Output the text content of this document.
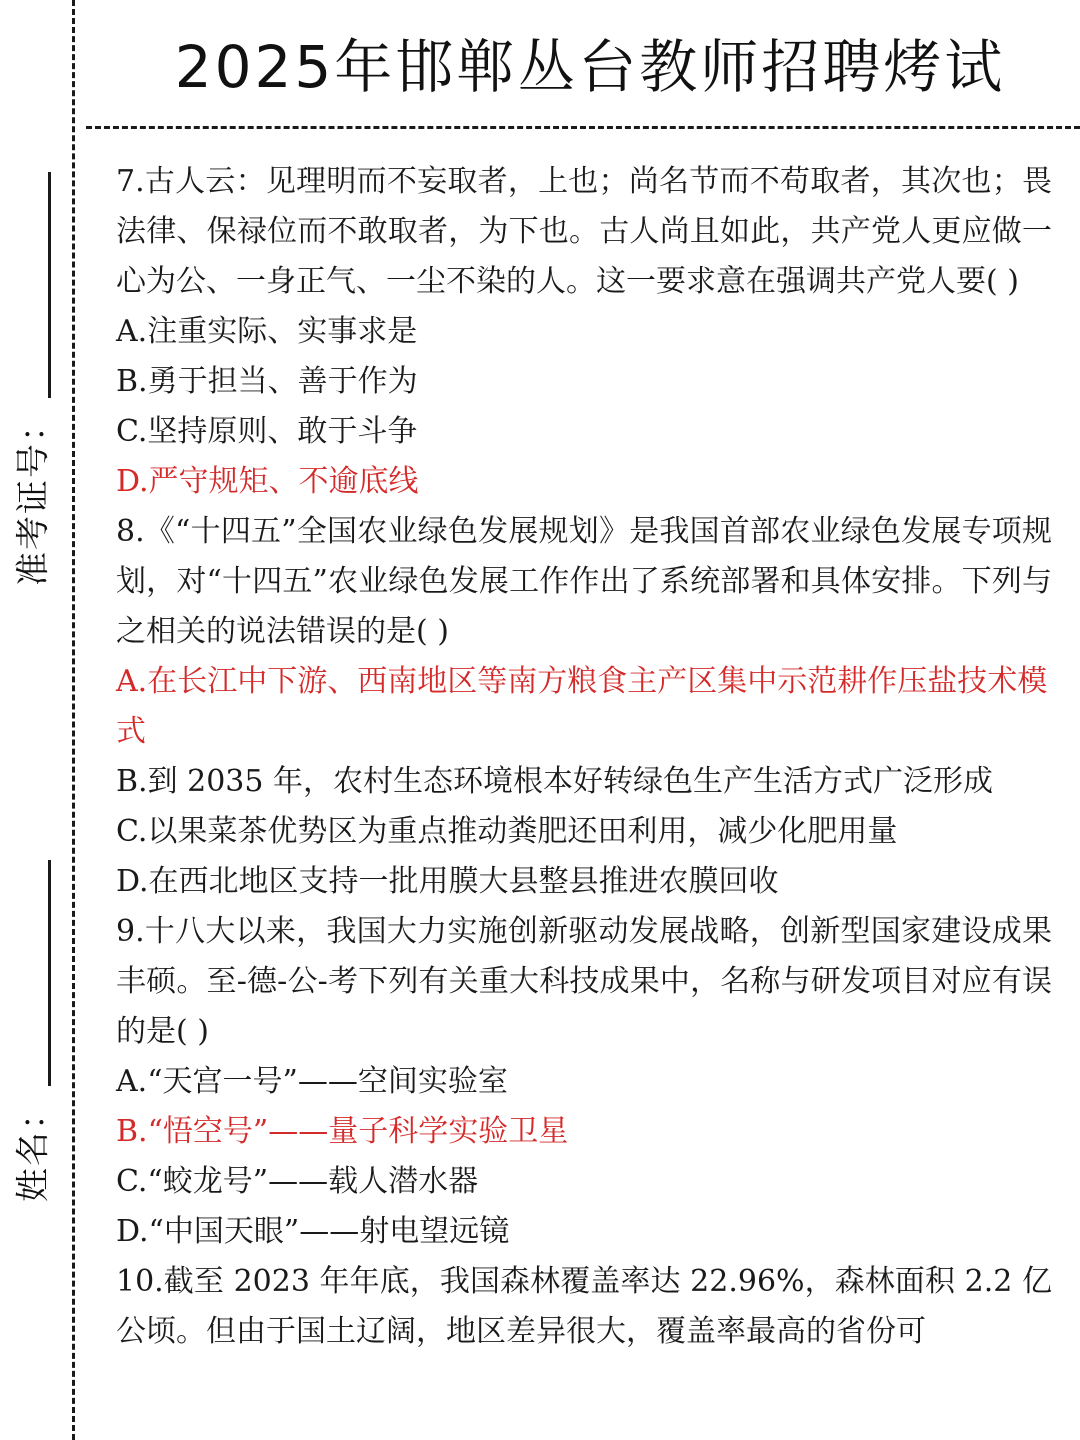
2025年邯郸丛台教师招聘烤试
准考证号：
姓名：

7.古人云：见理明而不妄取者，上也；尚名节而不苟取者，其次也；畏法律、保禄位而不敢取者，为下也。古人尚且如此，共产党人更应做一心为公、一身正气、一尘不染的人。这一要求意在强调共产党人要( )

A.注重实际、实事求是

B.勇于担当、善于作为

C.坚持原则、敢于斗争

D.严守规矩、不逾底线

8.《“十四五”全国农业绿色发展规划》是我国首部农业绿色发展专项规划，对“十四五”农业绿色发展工作作出了系统部署和具体安排。下列与之相关的说法错误的是( )

A.在长江中下游、西南地区等南方粮食主产区集中示范耕作压盐技术模式

B.到 2035 年，农村生态环境根本好转绿色生产生活方式广泛形成

C.以果菜茶优势区为重点推动粪肥还田利用，减少化肥用量

D.在西北地区支持一批用膜大县整县推进农膜回收

9.十八大以来，我国大力实施创新驱动发展战略，创新型国家建设成果丰硕。至-德-公-考下列有关重大科技成果中，名称与研发项目对应有误的是( )

A.“天宫一号”——空间实验室

B.“悟空号”——量子科学实验卫星

C.“蛟龙号”——载人潜水器

D.“中国天眼”——射电望远镜

10.截至 2023 年年底，我国森林覆盖率达 22.96%，森林面积 2.2 亿公顷。但由于国土辽阔，地区差异很大，覆盖率最高的省份可
